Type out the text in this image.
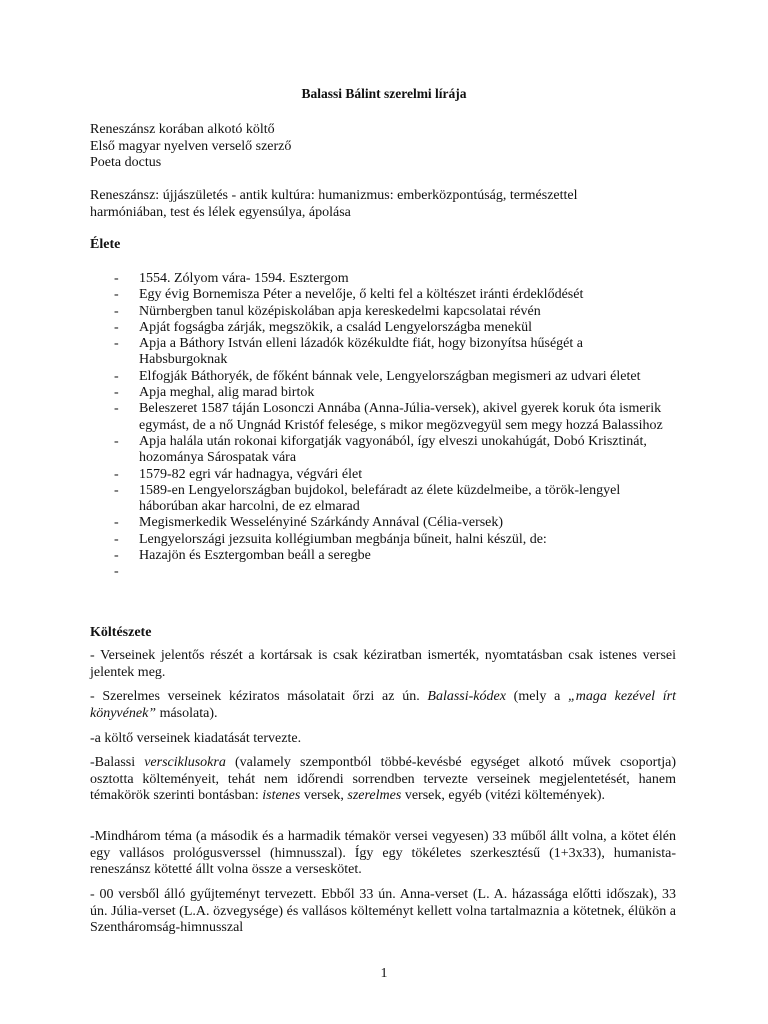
Balassi Bálint szerelmi lírája
Reneszánsz korában alkotó költő
Első magyar nyelven verselő szerző
Poeta doctus
Reneszánsz: újjászületés - antik kultúra: humanizmus: emberközpontúság, természettel
harmóniában, test és lélek egyensúlya, ápolása
Élete
- 1554. Zólyom vára- 1594. Esztergom
- Egy évig Bornemisza Péter a nevelője, ő kelti fel a költészet iránti érdeklődését
- Nürnbergben tanul középiskolában apja kereskedelmi kapcsolatai révén
- Apját fogságba zárják, megszökik, a család Lengyelországba menekül
- Apja a Báthory István elleni lázadók közékuldte fiát, hogy bizonyítsa hűségét a Habsburgoknak
- Elfogják Báthoryék, de főként bánnak vele, Lengyelországban megismeri az udvari életet
- Apja meghal, alig marad birtok
- Beleszeret 1587 táján Losonczi Annába (Anna-Júlia-versek), akivel gyerek koruk óta ismerik egymást, de a nő Ungnád Kristóf felesége, s mikor megözvegyül sem megy hozzá Balassihoz
- Apja halála után rokonai kiforgatják vagyonából, így elveszi unokahúgát, Dobó Krisztinát, hozománya Sárospatak vára
- 1579-82 egri vár hadnagya, végvári élet
- 1589-en Lengyelországban bujdokol, belefáradt az élete küzdelmeibe, a török-lengyel háborúban akar harcolni, de ez elmarad
- Megismerkedik Wesselényiné Szárkándy Annával (Célia-versek)
- Lengyelországi jezsuita kollégiumban megbánja bűneit, halni készül, de:
- Hazajön és Esztergomban beáll a seregbe
Költészete
- Verseinek jelentős részét a kortársak is csak kéziratban ismerték, nyomtatásban csak istenes versei jelentek meg.
- Szerelmes verseinek kéziratos másolatait őrzi az ún. Balassi-kódex (mely a „maga kezével írt könyvének” másolata).
-a költő verseinek kiadatását tervezte.
-Balassi versciklusokra (valamely szempontból többé-kevésbé egységet alkotó művek csoportja) osztotta költeményeit, tehát nem időrendi sorrendben tervezte verseinek megjelentetését, hanem témakörök szerinti bontásban: istenes versek, szerelmes versek, egyéb (vitézi költemények).
-Mindhárom téma (a második és a harmadik témakör versei vegyesen) 33 műből állt volna, a kötet élén egy vallásos prológusverssel (himnusszal). Így egy tökéletes szerkesztésű (1+3x33), humanista-reneszánsz kötetté állt volna össze a verseskötet.
- 00 versből álló gyűjteményt tervezett. Ebből 33 ún. Anna-verset (L. A. házassága előtti időszak), 33 ún. Júlia-verset (L.A. özvegysége) és vallásos költeményt kellett volna tartalmaznia a kötetnek, élükön a Szentháromság-himnusszal
1
